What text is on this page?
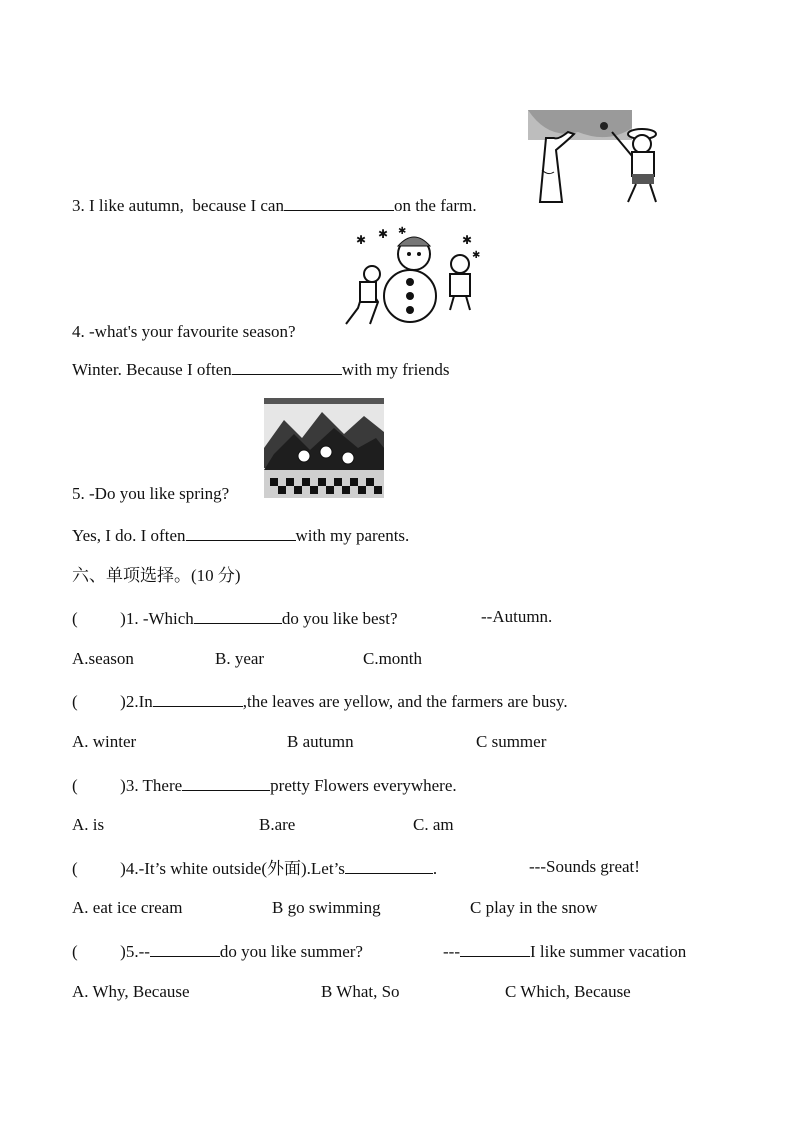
3. I like autumn,  because I can	on the farm.
✱ ✱	✱
✱
✱
4. -what's your favourite season?
Winter. Because I often	with my friends
5. -Do you like spring?
Yes, I do. I often	with my parents.
六、单项选择。(10 分)
(          )1. -Which	do you like best?	--Autumn.
A.season	B. year	C.month
(          )2.In	,the leaves are yellow, and the farmers are busy.
A. winter	B autumn	C summer
(          )3. There	pretty Flowers everywhere.
A. is	B.are	C. am
(          )4.-It’s white outside(外面).Let’s	.	---Sounds great!
A. eat ice cream	B go swimming	C play in the snow
(          )5.--	do you like summer?	---	I like summer vacation
A. Why, Because	B What, So	C Which, Because
